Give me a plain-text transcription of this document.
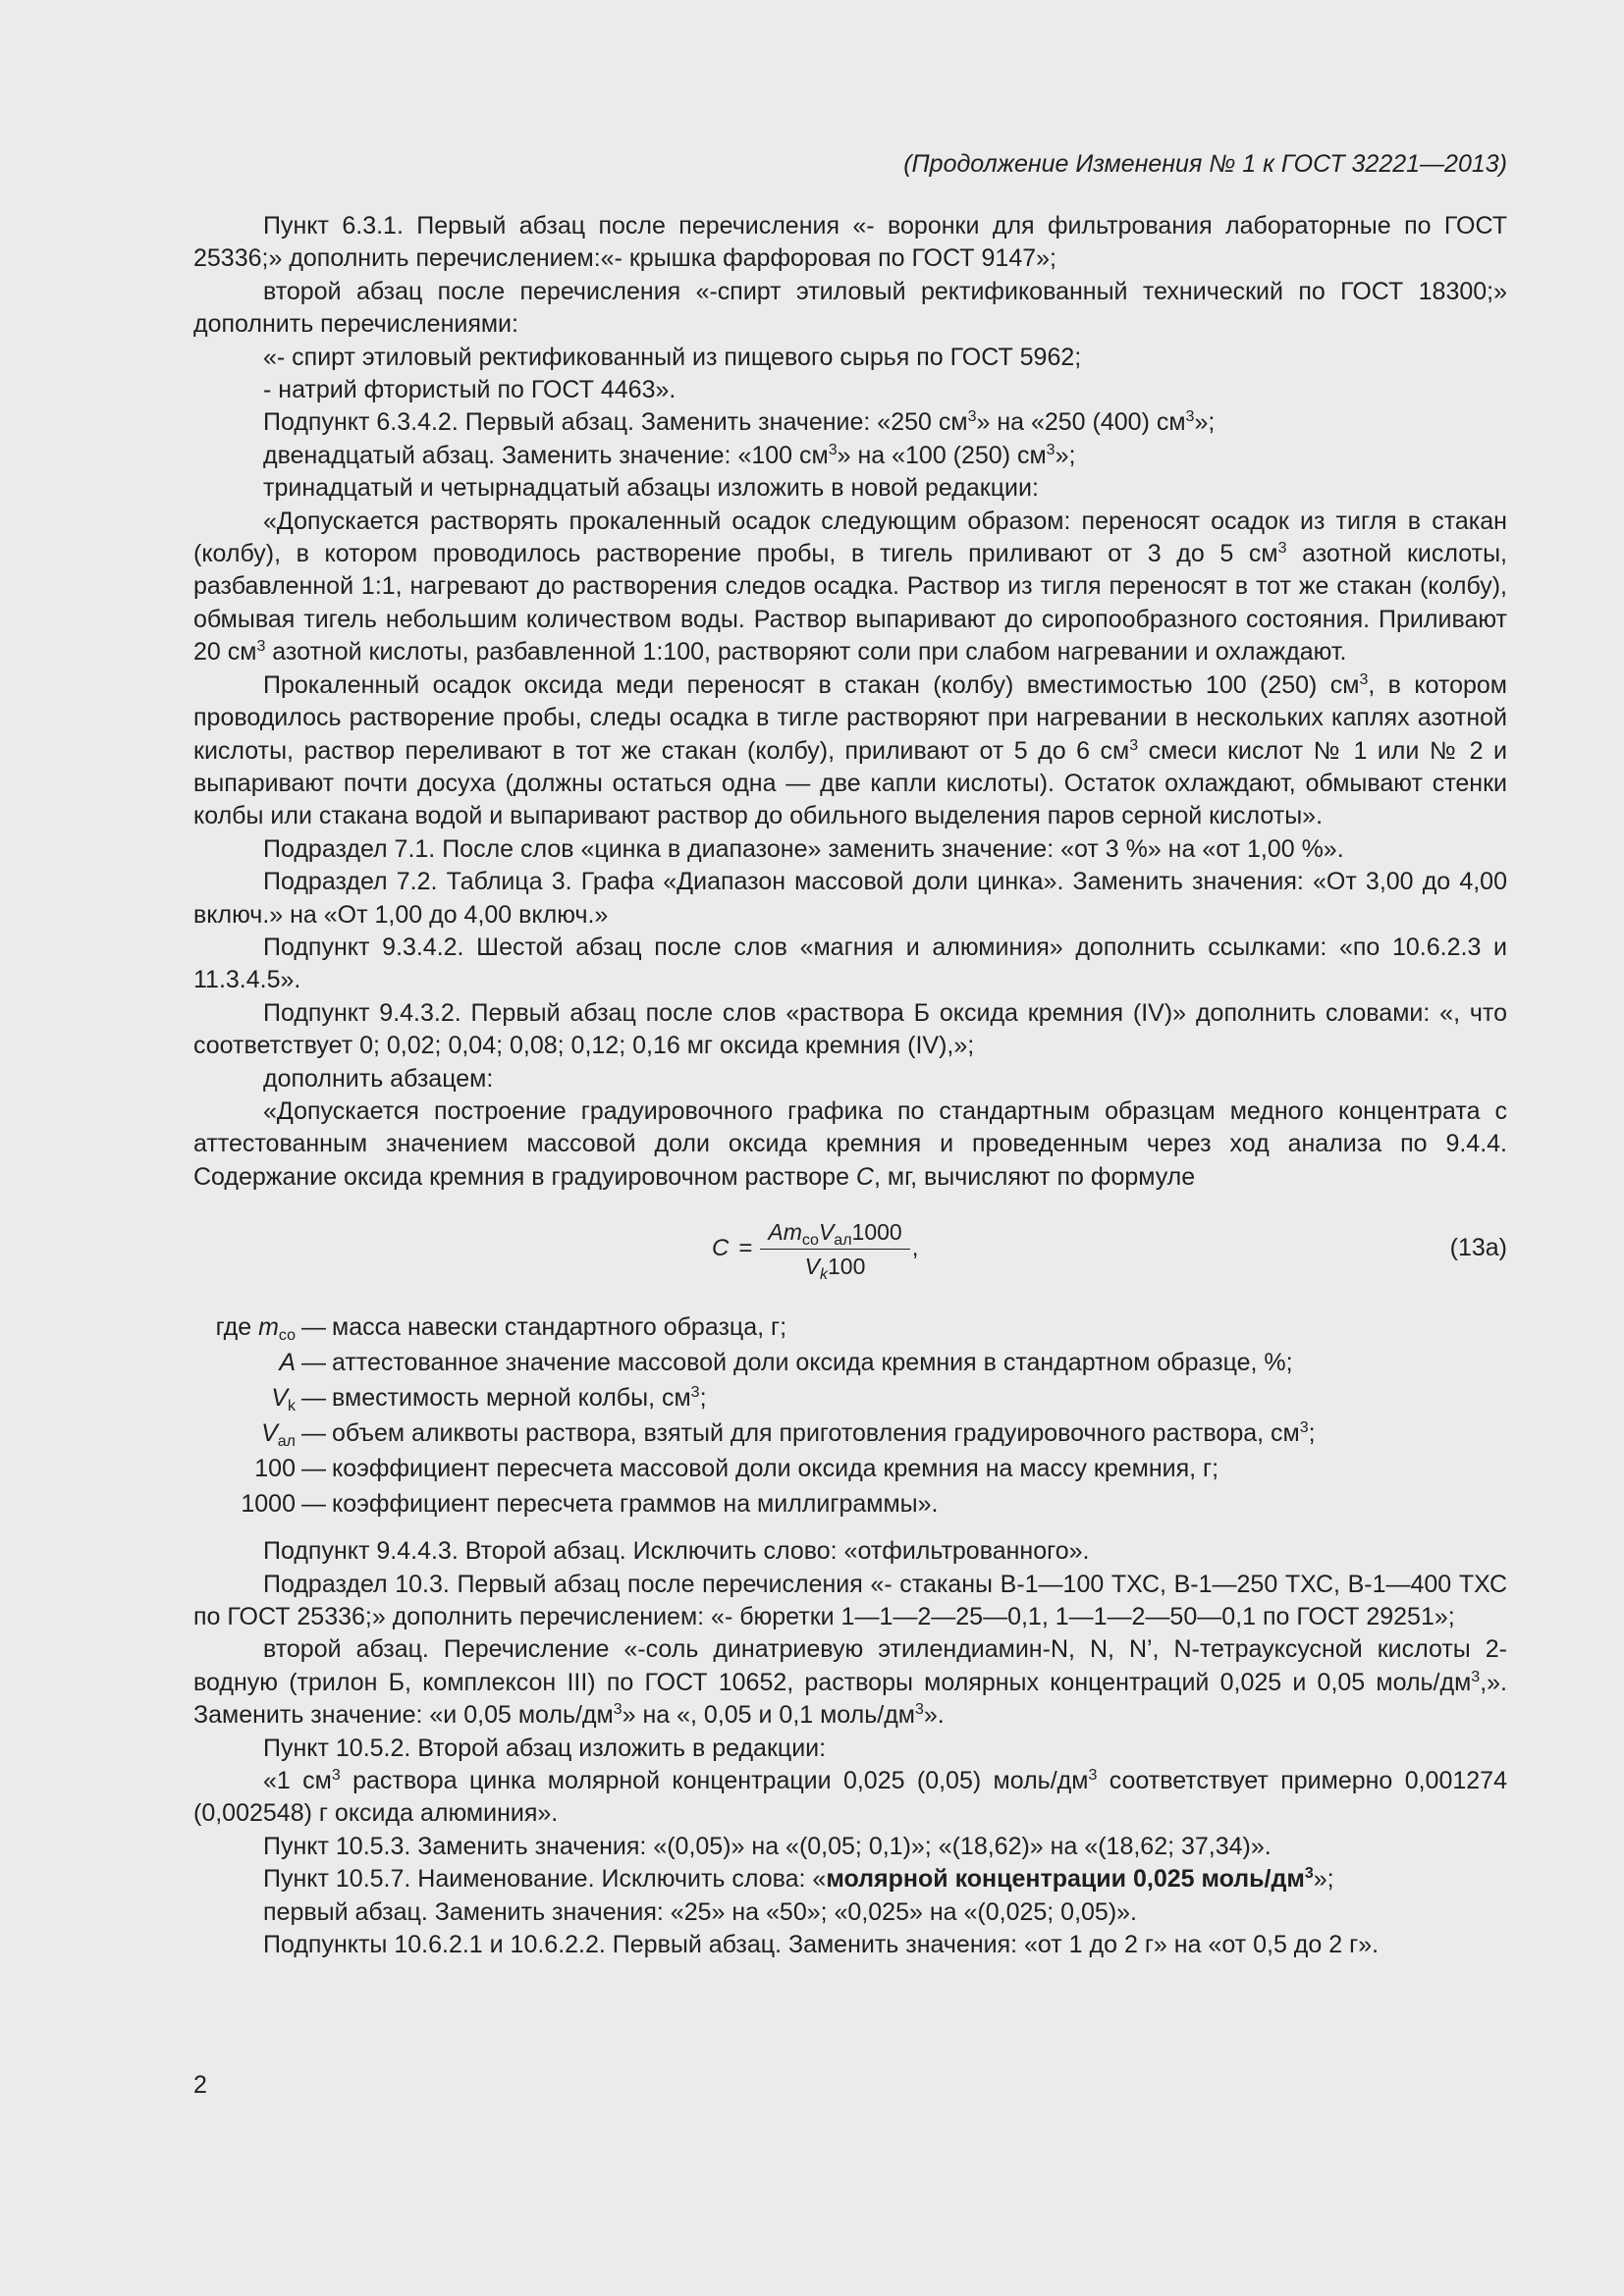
(Продолжение Изменения № 1 к ГОСТ 32221—2013)

Пункт 6.3.1. Первый абзац после перечисления «- воронки для фильтрования лабораторные по ГОСТ 25336;» дополнить перечислением:«- крышка фарфоровая по ГОСТ 9147»;

второй абзац после перечисления «-спирт этиловый ректификованный технический по ГОСТ 18300;» дополнить перечислениями:

«- спирт этиловый ректификованный из пищевого сырья по ГОСТ 5962;

- натрий фтористый по ГОСТ 4463».

Подпункт 6.3.4.2. Первый абзац. Заменить значение: «250 $см^3$» на «250 (400) $см^3$»;

двенадцатый абзац. Заменить значение: «100 $см^3$» на «100 (250) $см^3$»;

тринадцатый и четырнадцатый абзацы изложить в новой редакции:

«Допускается растворять прокаленный осадок следующим образом: переносят осадок из тигля в стакан (колбу), в котором проводилось растворение пробы, в тигель приливают от 3 до 5 $см^3$ азотной кислоты, разбавленной 1:1, нагревают до растворения следов осадка. Раствор из тигля переносят в тот же стакан (колбу), обмывая тигель небольшим количеством воды. Раствор выпаривают до сиропообразного состояния. Приливают 20 $см^3$ азотной кислоты, разбавленной 1:100, растворяют соли при слабом нагревании и охлаждают.

Прокаленный осадок оксида меди переносят в стакан (колбу) вместимостью 100 (250) $см^3$, в котором проводилось растворение пробы, следы осадка в тигле растворяют при нагревании в нескольких каплях азотной кислоты, раствор переливают в тот же стакан (колбу), приливают от 5 до 6 $см^3$ смеси кислот № 1 или № 2 и выпаривают почти досуха (должны остаться одна — две капли кислоты). Остаток охлаждают, обмывают стенки колбы или стакана водой и выпаривают раствор до обильного выделения паров серной кислоты».

Подраздел 7.1. После слов «цинка в диапазоне» заменить значение: «от 3 %» на «от 1,00 %».

Подраздел 7.2. Таблица 3. Графа «Диапазон массовой доли цинка». Заменить значения: «От 3,00 до 4,00 включ.» на «От 1,00 до 4,00 включ.»

Подпункт 9.3.4.2. Шестой абзац после слов «магния и алюминия» дополнить ссылками: «по 10.6.2.3 и 11.3.4.5».

Подпункт 9.4.3.2. Первый абзац после слов «раствора Б оксида кремния (IV)» дополнить словами: «, что соответствует 0; 0,02; 0,04; 0,08; 0,12; 0,16 мг оксида кремния (IV),»;

дополнить абзацем:

«Допускается построение градуировочного графика по стандартным образцам медного концентрата с аттестованным значением массовой доли оксида кремния и проведенным через ход анализа по 9.4.4. Содержание оксида кремния в градуировочном растворе C, мг, вычисляют по формуле

$C = \frac{Am_{со}V_{ал}1000}{V_k100}$ ,	(13а)
где $m_{со}$ — масса навески стандартного образца, г;
A — аттестованное значение массовой доли оксида кремния в стандартном образце, %;
$V_k$ — вместимость мерной колбы, $см^3$;
$V_{ал}$ — объем аликвоты раствора, взятый для приготовления градуировочного раствора, $см^3$;
100 — коэффициент пересчета массовой доли оксида кремния на массу кремния, г;
1000 — коэффициент пересчета граммов на миллиграммы».

Подпункт 9.4.4.3. Второй абзац. Исключить слово: «отфильтрованного».

Подраздел 10.3. Первый абзац после перечисления «- стаканы В-1—100 ТХС, В-1—250 ТХС, В-1—400 ТХС по ГОСТ 25336;» дополнить перечислением: «- бюретки 1—1—2—25—0,1, 1—1—2—50—0,1 по ГОСТ 29251»;

второй абзац. Перечисление «-соль динатриевую этилендиамин-N, N, N’, N-тетрауксусной кислоты 2-водную (трилон Б, комплексон III) по ГОСТ 10652, растворы молярных концентраций 0,025 и 0,05 моль/$дм^3$,». Заменить значение: «и 0,05 моль/$дм^3$» на «, 0,05 и 0,1 моль/$дм^3$».

Пункт 10.5.2. Второй абзац изложить в редакции:

«1 $см^3$ раствора цинка молярной концентрации 0,025 (0,05) моль/$дм^3$ соответствует примерно 0,001274 (0,002548) г оксида алюминия».

Пункт 10.5.3. Заменить значения: «(0,05)» на «(0,05; 0,1)»; «(18,62)» на «(18,62; 37,34)».

Пункт 10.5.7. Наименование. Исключить слова: «молярной концентрации 0,025 моль/$дм^3$»;

первый абзац. Заменить значения: «25» на «50»; «0,025» на «(0,025; 0,05)».

Подпункты 10.6.2.1 и 10.6.2.2. Первый абзац. Заменить значения: «от 1 до 2 г» на «от 0,5 до 2 г».

2
